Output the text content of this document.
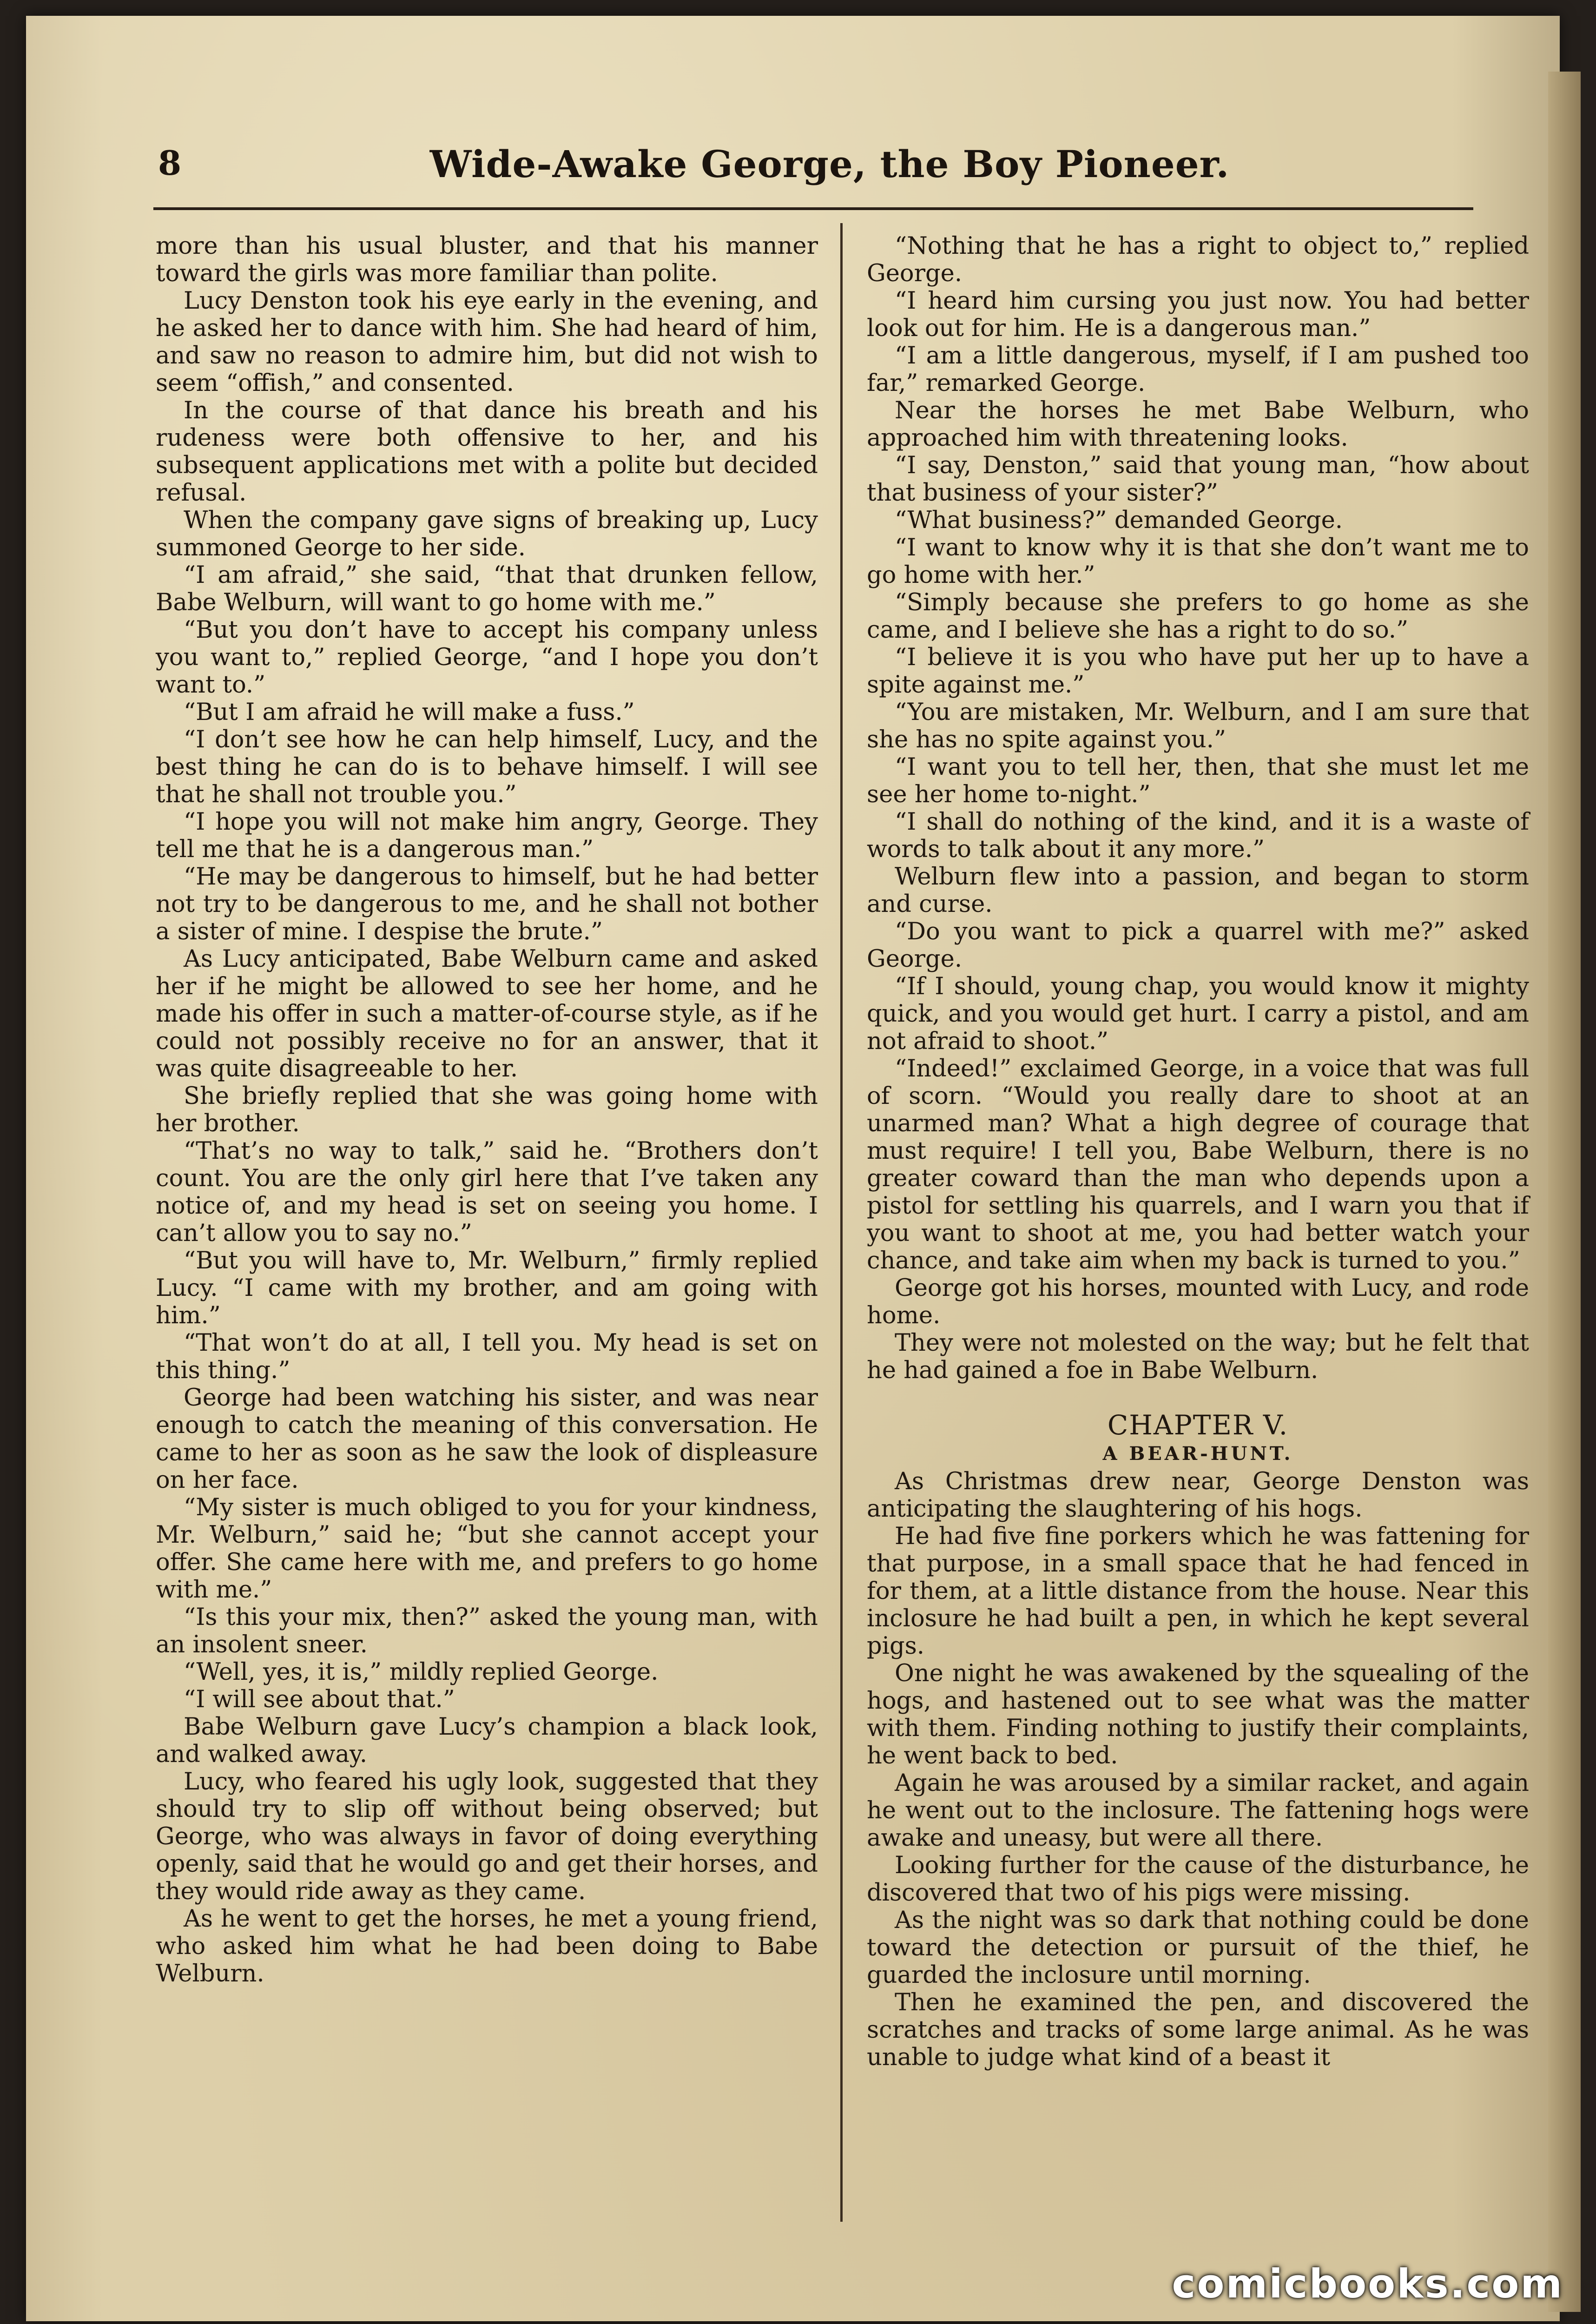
8	Wide-Awake George, the Boy Pioneer.

more than his usual bluster, and that his manner toward the girls was more familiar than polite.

Lucy Denston took his eye early in the evening, and he asked her to dance with him. She had heard of him, and saw no reason to admire him, but did not wish to seem “offish,” and consented.

In the course of that dance his breath and his rudeness were both offensive to her, and his subsequent applications met with a polite but decided refusal.

When the company gave signs of breaking up, Lucy summoned George to her side.

“I am afraid,” she said, “that that drunken fellow, Babe Welburn, will want to go home with me.”

“But you don’t have to accept his company unless you want to,” replied George, “and I hope you don’t want to.”

“But I am afraid he will make a fuss.”

“I don’t see how he can help himself, Lucy, and the best thing he can do is to behave himself. I will see that he shall not trouble you.”

“I hope you will not make him angry, George. They tell me that he is a dangerous man.”

“He may be dangerous to himself, but he had better not try to be dangerous to me, and he shall not bother a sister of mine. I despise the brute.”

As Lucy anticipated, Babe Welburn came and asked her if he might be allowed to see her home, and he made his offer in such a matter-of-course style, as if he could not possibly receive no for an answer, that it was quite disagreeable to her.

She briefly replied that she was going home with her brother.

“That’s no way to talk,” said he. “Brothers don’t count. You are the only girl here that I’ve taken any notice of, and my head is set on seeing you home. I can’t allow you to say no.”

“But you will have to, Mr. Welburn,” firmly replied Lucy. “I came with my brother, and am going with him.”

“That won’t do at all, I tell you. My head is set on this thing.”

George had been watching his sister, and was near enough to catch the meaning of this conversation. He came to her as soon as he saw the look of displeasure on her face.

“My sister is much obliged to you for your kindness, Mr. Welburn,” said he; “but she cannot accept your offer. She came here with me, and prefers to go home with me.”

“Is this your mix, then?” asked the young man, with an insolent sneer.

“Well, yes, it is,” mildly replied George.

“I will see about that.”

Babe Welburn gave Lucy’s champion a black look, and walked away.

Lucy, who feared his ugly look, suggested that they should try to slip off without being observed; but George, who was always in favor of doing everything openly, said that he would go and get their horses, and they would ride away as they came.

As he went to get the horses, he met a young friend, who asked him what he had been doing to Babe Welburn.

“Nothing that he has a right to object to,” replied George.

“I heard him cursing you just now. You had better look out for him. He is a dangerous man.”

“I am a little dangerous, myself, if I am pushed too far,” remarked George.

Near the horses he met Babe Welburn, who approached him with threatening looks.

“I say, Denston,” said that young man, “how about that business of your sister?”

“What business?” demanded George.

“I want to know why it is that she don’t want me to go home with her.”

“Simply because she prefers to go home as she came, and I believe she has a right to do so.”

“I believe it is you who have put her up to have a spite against me.”

“You are mistaken, Mr. Welburn, and I am sure that she has no spite against you.”

“I want you to tell her, then, that she must let me see her home to-night.”

“I shall do nothing of the kind, and it is a waste of words to talk about it any more.”

Welburn flew into a passion, and began to storm and curse.

“Do you want to pick a quarrel with me?” asked George.

“If I should, young chap, you would know it mighty quick, and you would get hurt. I carry a pistol, and am not afraid to shoot.”

“Indeed!” exclaimed George, in a voice that was full of scorn. “Would you really dare to shoot at an unarmed man? What a high degree of courage that must require! I tell you, Babe Welburn, there is no greater coward than the man who depends upon a pistol for settling his quarrels, and I warn you that if you want to shoot at me, you had better watch your chance, and take aim when my back is turned to you.”

George got his horses, mounted with Lucy, and rode home.

They were not molested on the way; but he felt that he had gained a foe in Babe Welburn.

CHAPTER V.
A BEAR-HUNT.

As Christmas drew near, George Denston was anticipating the slaughtering of his hogs.

He had five fine porkers which he was fattening for that purpose, in a small space that he had fenced in for them, at a little distance from the house. Near this inclosure he had built a pen, in which he kept several pigs.

One night he was awakened by the squealing of the hogs, and hastened out to see what was the matter with them. Finding nothing to justify their complaints, he went back to bed.

Again he was aroused by a similar racket, and again he went out to the inclosure. The fattening hogs were awake and uneasy, but were all there.

Looking further for the cause of the disturbance, he discovered that two of his pigs were missing.

As the night was so dark that nothing could be done toward the detection or pursuit of the thief, he guarded the inclosure until morning.

Then he examined the pen, and discovered the scratches and tracks of some large animal. As he was unable to judge what kind of a beast it

comicbooks.com
